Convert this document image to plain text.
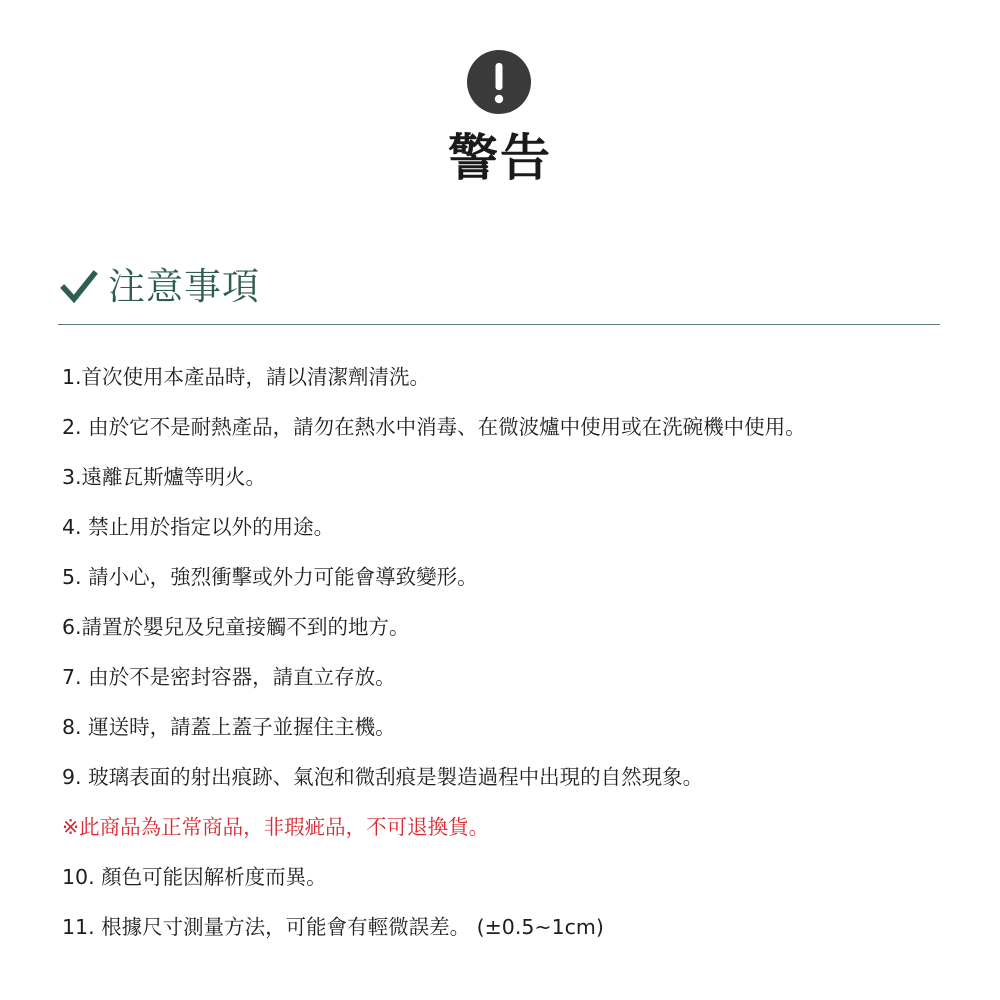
警告
注意事項
1.首次使用本產品時，請以清潔劑清洗。
2. 由於它不是耐熱產品，請勿在熱水中消毒、在微波爐中使用或在洗碗機中使用。
3.遠離瓦斯爐等明火。
4. 禁止用於指定以外的用途。
5. 請小心，強烈衝擊或外力可能會導致變形。
6.請置於嬰兒及兒童接觸不到的地方。
7. 由於不是密封容器，請直立存放。
8. 運送時，請蓋上蓋子並握住主機。
9. 玻璃表面的射出痕跡、氣泡和微刮痕是製造過程中出現的自然現象。
※此商品為正常商品，非瑕疵品，不可退換貨。
10. 顏色可能因解析度而異。
11. 根據尺寸測量方法，可能會有輕微誤差。 (±0.5~1cm)
